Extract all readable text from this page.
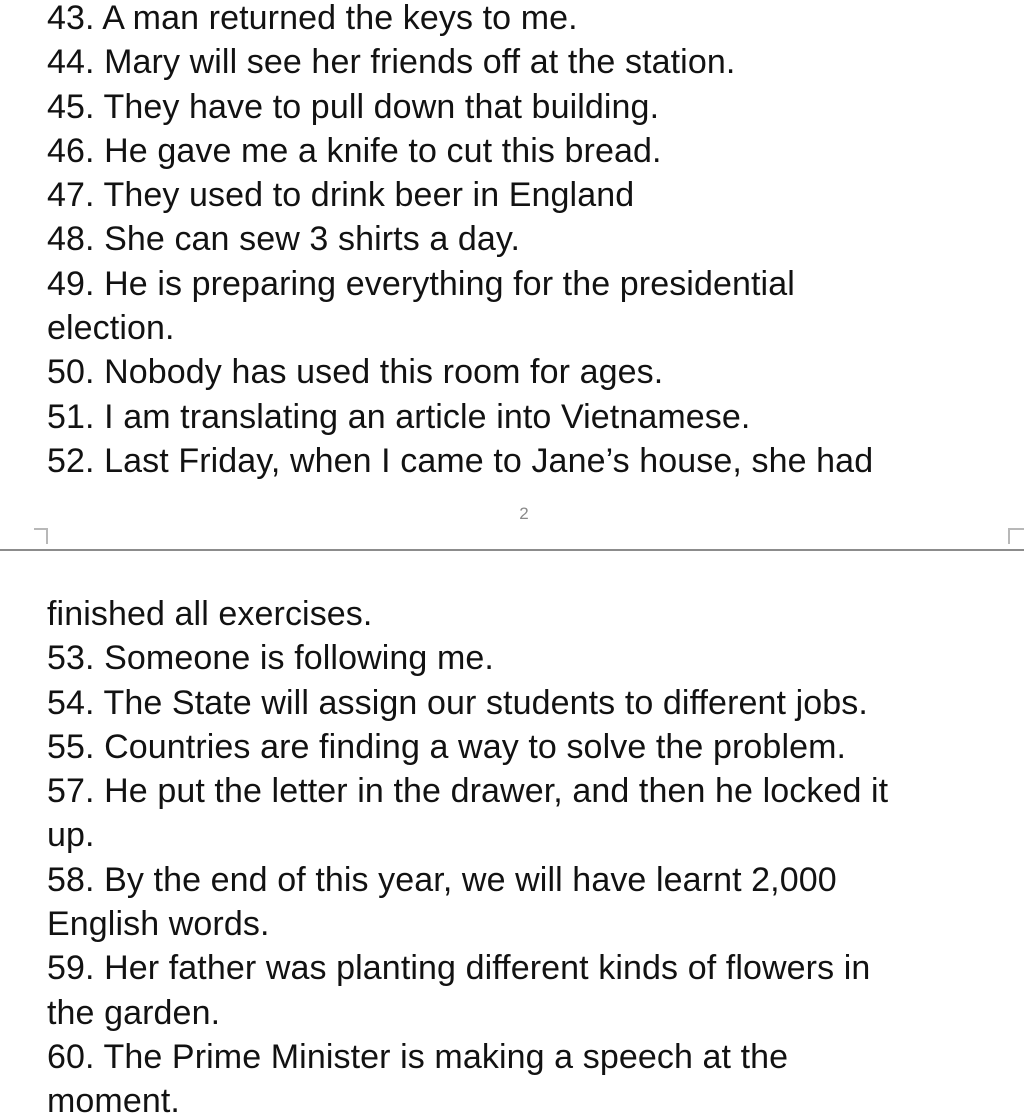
43. A man returned the keys to me.
44. Mary will see her friends off at the station.
45. They have to pull down that building.
46. He gave me a knife to cut this bread.
47. They used to drink beer in England
48. She can sew 3 shirts a day.
49. He is preparing everything for the presidential
election.
50. Nobody has used this room for ages.
51. I am translating an article into Vietnamese.
52. Last Friday, when I came to Jane’s house, she had
2
finished all exercises.
53. Someone is following me.
54. The State will assign our students to different jobs.
55. Countries are finding a way to solve the problem.
57. He put the letter in the drawer, and then he locked it
up.
58. By the end of this year, we will have learnt 2,000
English words.
59. Her father was planting different kinds of flowers in
the garden.
60. The Prime Minister is making a speech at the
moment.
